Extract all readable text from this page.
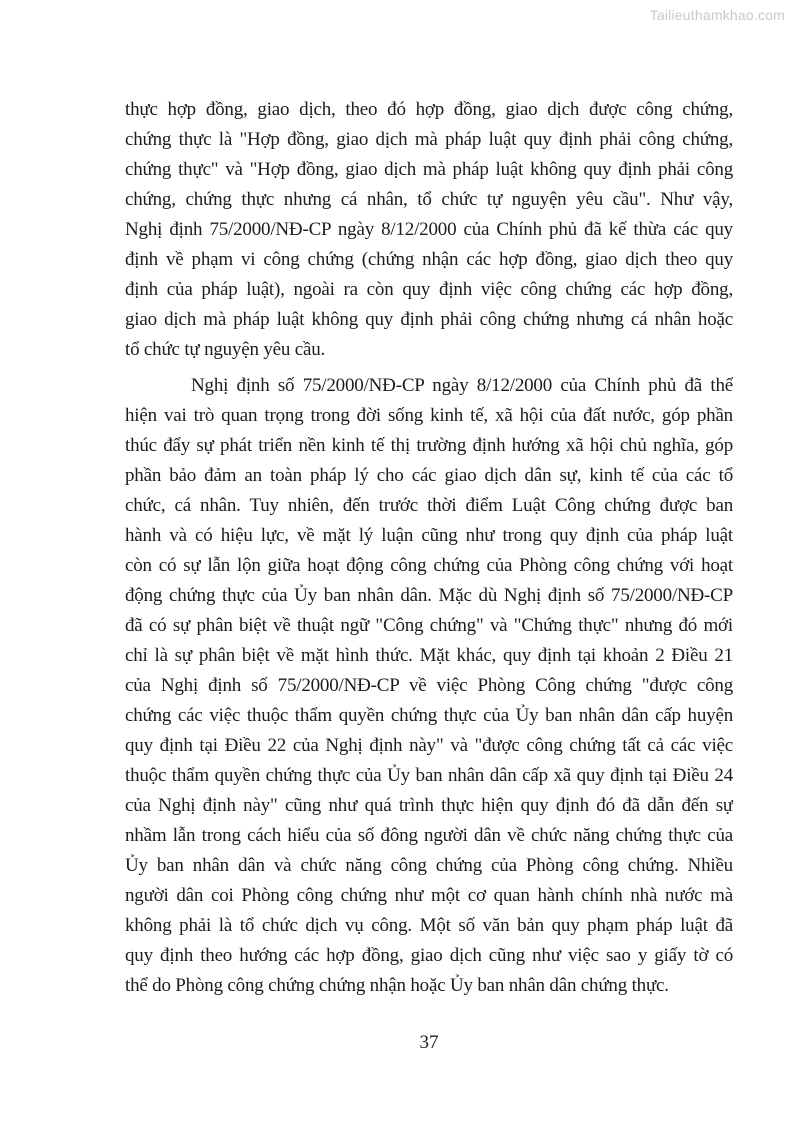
Tailieuthamkhao.com
thực hợp đồng, giao dịch, theo đó hợp đồng, giao dịch được công chứng,
chứng thực là "Hợp đồng, giao dịch mà pháp luật quy định phải công chứng,
chứng thực" và "Hợp đồng, giao dịch mà pháp luật không quy định phải công
chứng, chứng thực nhưng cá nhân, tổ chức tự nguyện yêu cầu". Như vậy,
Nghị định 75/2000/NĐ-CP ngày 8/12/2000 của Chính phủ đã kế thừa các quy
định về phạm vi công chứng (chứng nhận các hợp đồng, giao dịch theo quy
định của pháp luật), ngoài ra còn quy định việc công chứng các hợp đồng,
giao dịch mà pháp luật không quy định phải công chứng nhưng cá nhân hoặc
tổ chức tự nguyện yêu cầu.
Nghị định số 75/2000/NĐ-CP ngày 8/12/2000 của Chính phủ đã thể
hiện vai trò quan trọng trong đời sống kinh tế, xã hội của đất nước, góp phần
thúc đẩy sự phát triển nền kinh tế thị trường định hướng xã hội chủ nghĩa, góp
phần bảo đảm an toàn pháp lý cho các giao dịch dân sự, kinh tế của các tổ
chức, cá nhân. Tuy nhiên, đến trước thời điểm Luật Công chứng được ban
hành và có hiệu lực, về mặt lý luận cũng như trong quy định của pháp luật
còn có sự lẫn lộn giữa hoạt động công chứng của Phòng công chứng với hoạt
động chứng thực của Ủy ban nhân dân. Mặc dù Nghị định số 75/2000/NĐ-CP
đã có sự phân biệt về thuật ngữ "Công chứng" và "Chứng thực" nhưng đó mới
chỉ là sự phân biệt về mặt hình thức. Mặt khác, quy định tại khoản 2 Điều 21
của Nghị định số 75/2000/NĐ-CP về việc Phòng Công chứng "được công
chứng các việc thuộc thẩm quyền chứng thực của Ủy ban nhân dân cấp huyện
quy định tại Điều 22 của Nghị định này" và "được công chứng tất cả các việc
thuộc thẩm quyền chứng thực của Ủy ban nhân dân cấp xã quy định tại Điều 24
của Nghị định này" cũng như quá trình thực hiện quy định đó đã dẫn đến sự
nhầm lẫn trong cách hiểu của số đông người dân về chức năng chứng thực của
Ủy ban nhân dân và chức năng công chứng của Phòng công chứng. Nhiều
người dân coi Phòng công chứng như một cơ quan hành chính nhà nước mà
không phải là tổ chức dịch vụ công. Một số văn bản quy phạm pháp luật đã
quy định theo hướng các hợp đồng, giao dịch cũng như việc sao y giấy tờ có
thể do Phòng công chứng chứng nhận hoặc Ủy ban nhân dân chứng thực.
37
